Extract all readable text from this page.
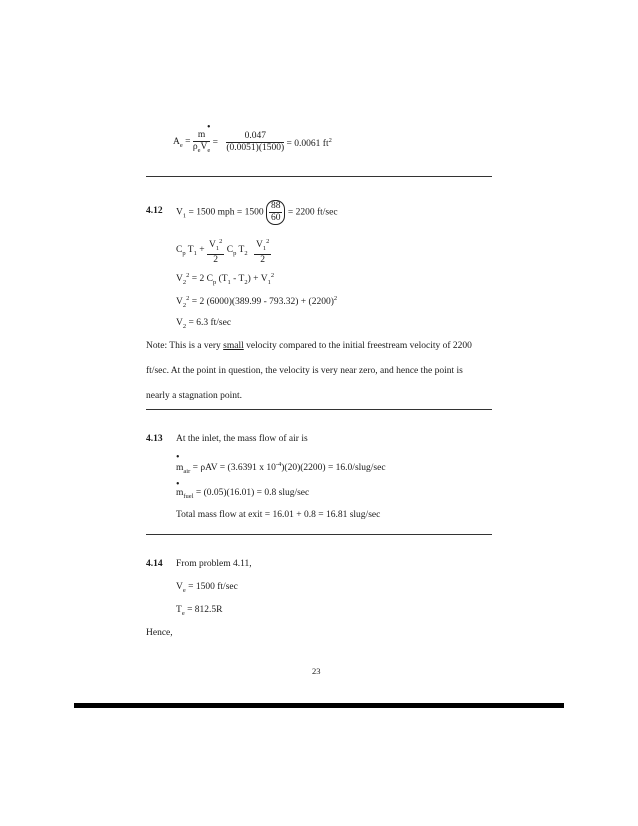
$A_e = \frac{m}{\rho_eV_e} = \frac{0.047}{(0.0051)(1500)} = 0.0061$ $ft^2$
•
4.12 $V_1 = 1500$ mph = $1500 \frac{88}{60} = 2200$ ft/sec
$C_p$ $T_1 + \frac{V_1^2}{2} C_p$ $T_2 \frac{V_1^2}{2}$
$V_2^2 = 2$ $C_p$ $(T_1 - T_2) + V_1^2$
$V_2^2 = 2$ $(6000)(389.99 - 793.32) + (2200)^2$
$V_2 = 6.3$ ft/sec
Note: This is a very small velocity compared to the initial freestream velocity of 2200
ft/sec. At the point in question, the velocity is very near zero, and hence the point is
nearly a stagnation point.
4.13 At the inlet, the mass flow of air is
•
$m_{air} = \rho AV = (3.6391$ x $10^{-4})(20)(2200)$ = 16.0/slug/sec
•
$m_{fuel} = (0.05)(16.01) = 0.8$ slug/sec
Total mass flow at exit = 16.01 + 0.8 = 16.81 slug/sec
4.14 From problem 4.11,
$V_e = 1500$ ft/sec
$T_e = 812.5R$
Hence,
23
